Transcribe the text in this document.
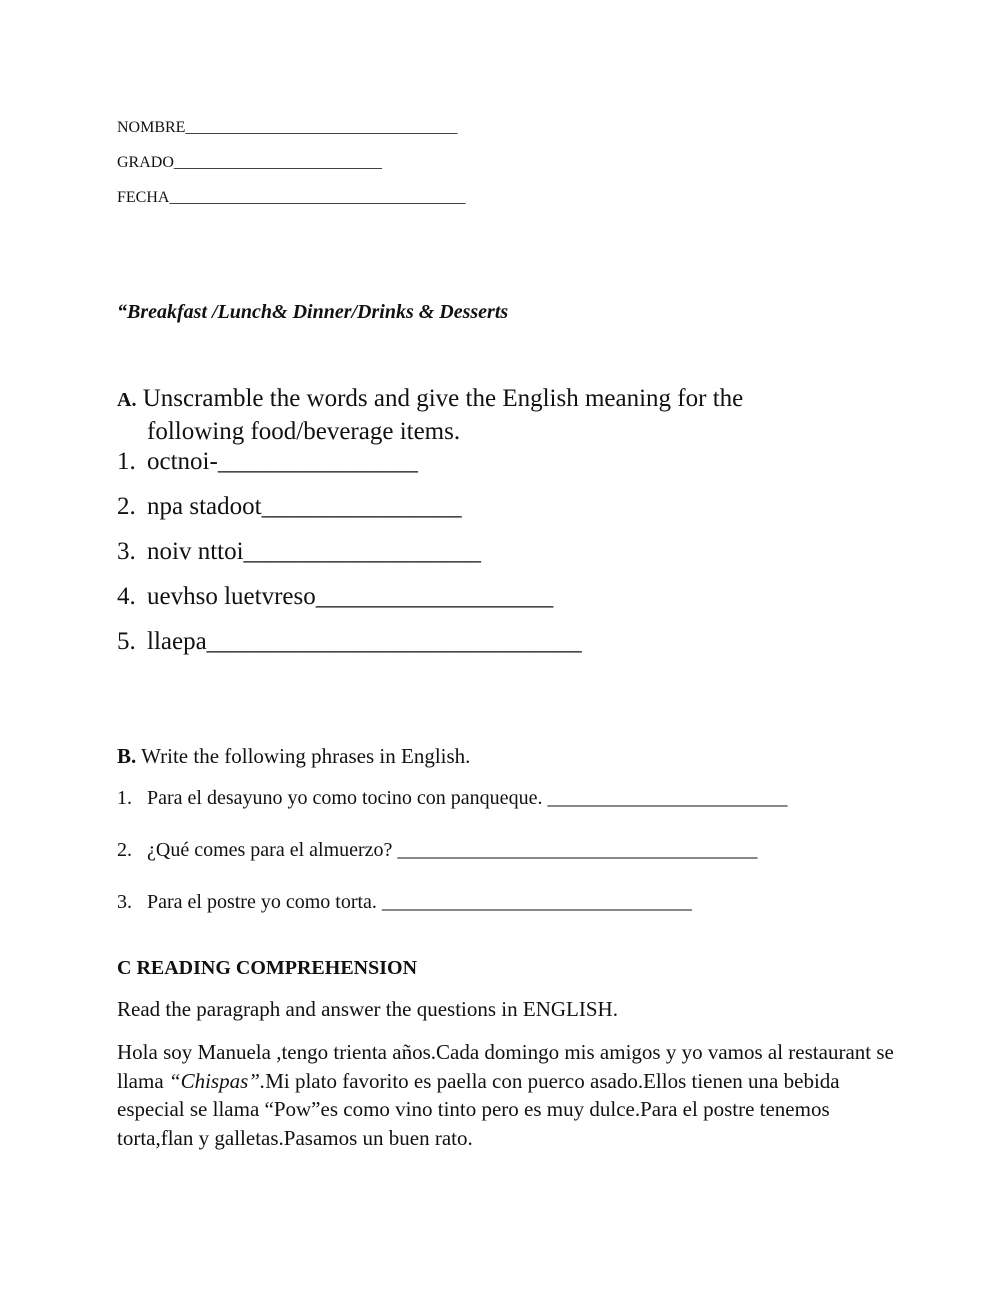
NOMBRE__________________________________
GRADO__________________________
FECHA_____________________________________
“Breakfast /Lunch& Dinner/Drinks & Desserts
A. Unscramble the words and give the English meaning for the
following food/beverage items.
1. octnoi-________________
2. npa stadoot________________
3. noiv nttoi___________________
4. uevhso luetvreso___________________
5. llaepa______________________________
B. Write the following phrases in English.
1. Para el desayuno yo como tocino con panqueque. ________________________
2. ¿Qué comes para el almuerzo? ____________________________________
3. Para el postre yo como torta. _______________________________
C READING COMPREHENSION
Read the paragraph and answer the questions in ENGLISH.
Hola soy Manuela ,tengo trienta años.Cada domingo mis amigos y yo vamos al restaurant se llama “Chispas”.Mi plato favorito es paella con puerco asado.Ellos tienen una bebida especial se llama “Pow”es como vino tinto pero es muy dulce.Para el postre tenemos torta,flan y galletas.Pasamos un buen rato.
